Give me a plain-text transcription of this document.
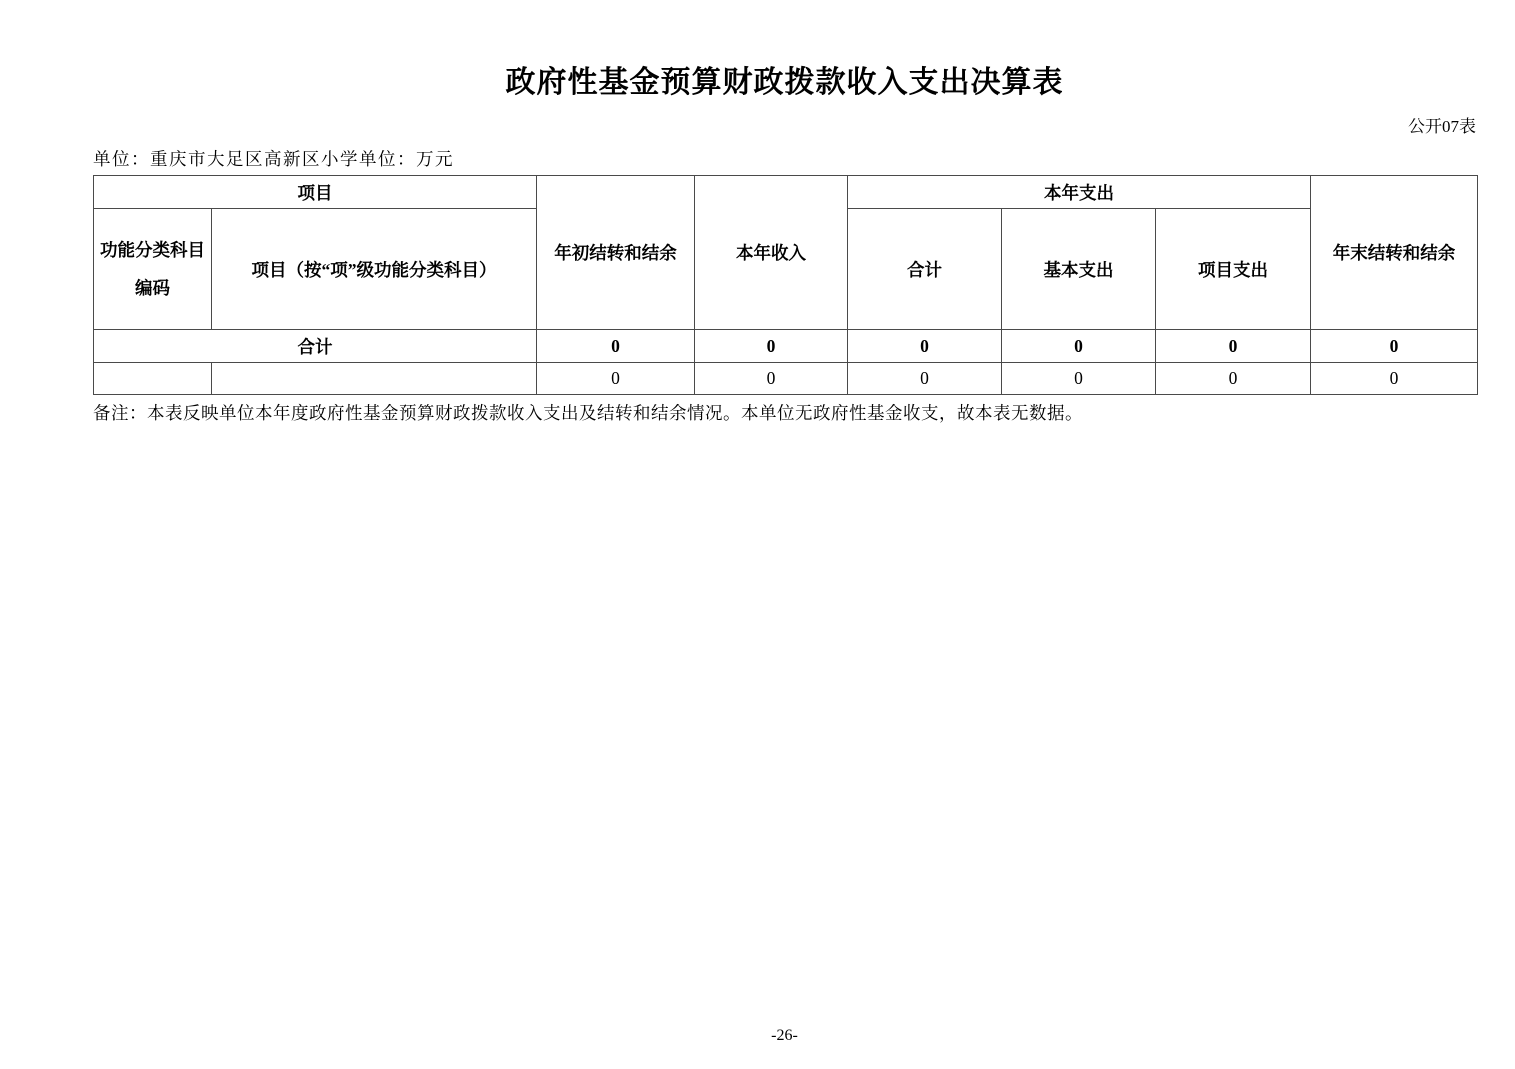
政府性基金预算财政拨款收入支出决算表
公开07表
单位：重庆市大足区高新区小学单位：万元
项目		年初结转和结余	本年收入	本年支出			年末结转和结余

功能分类科目
编码	项目（按“项”级功能分类科目）			合计	基本支出	项目支出	
合计		0	0	0	0	0	0
		0	0	0	0	0	0
备注：本表反映单位本年度政府性基金预算财政拨款收入支出及结转和结余情况。本单位无政府性基金收支，故本表无数据。
-26-
